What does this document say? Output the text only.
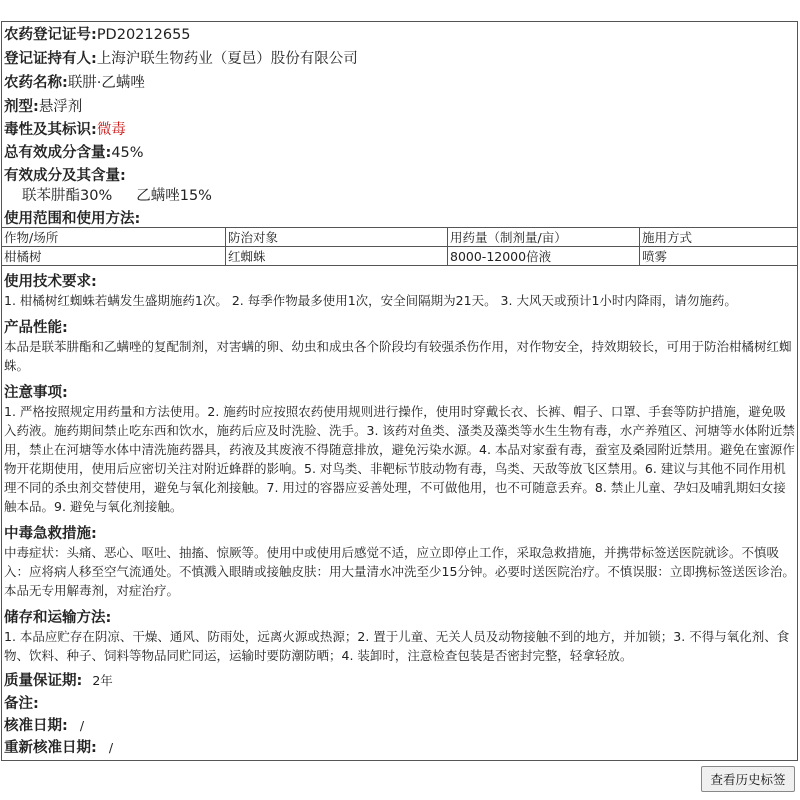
农药登记证号: PD20212655
登记证持有人: 上海沪联生物药业（夏邑）股份有限公司
农药名称: 联肼·乙螨唑
剂型: 悬浮剂
毒性及其标识: 微毒
总有效成分含量: 45%
有效成分及其含量:
联苯肼酯30% 乙螨唑15%
使用范围和使用方法:
作物/场所	防治对象	用药量（制剂量/亩）	施用方式
柑橘树	红蜘蛛	8000-12000倍液	喷雾
使用技术要求:
1. 柑橘树红蜘蛛若螨发生盛期施药1次。 2. 每季作物最多使用1次，安全间隔期为21天。 3. 大风天或预计1小时内降雨，请勿施药。
产品性能:
本品是联苯肼酯和乙螨唑的复配制剂，对害螨的卵、幼虫和成虫各个阶段均有较强杀伤作用，对作物安全，持效期较长，可用于防治柑橘树红蜘蛛。
注意事项:
1. 严格按照规定用药量和方法使用。2. 施药时应按照农药使用规则进行操作，使用时穿戴长衣、长裤、帽子、口罩、手套等防护措施，避免吸入药液。施药期间禁止吃东西和饮水，施药后应及时洗脸、洗手。3. 该药对鱼类、溞类及藻类等水生生物有毒，水产养殖区、河塘等水体附近禁用，禁止在河塘等水体中清洗施药器具，药液及其废液不得随意排放，避免污染水源。4. 本品对家蚕有毒，蚕室及桑园附近禁用。避免在蜜源作物开花期使用，使用后应密切关注对附近蜂群的影响。5. 对鸟类、非靶标节肢动物有毒，鸟类、天敌等放飞区禁用。6. 建议与其他不同作用机理不同的杀虫剂交替使用，避免与氧化剂接触。7. 用过的容器应妥善处理，不可做他用，也不可随意丢弃。8. 禁止儿童、孕妇及哺乳期妇女接触本品。9. 避免与氧化剂接触。
中毒急救措施:
中毒症状：头痛、恶心、呕吐、抽搐、惊厥等。使用中或使用后感觉不适，应立即停止工作，采取急救措施，并携带标签送医院就诊。不慎吸入：应将病人移至空气流通处。不慎溅入眼睛或接触皮肤：用大量清水冲洗至少15分钟。必要时送医院治疗。不慎误服：立即携标签送医诊治。本品无专用解毒剂，对症治疗。
储存和运输方法:
1. 本品应贮存在阴凉、干燥、通风、防雨处，远离火源或热源；2. 置于儿童、无关人员及动物接触不到的地方，并加锁；3. 不得与氧化剂、食物、饮料、种子、饲料等物品同贮同运，运输时要防潮防晒；4. 装卸时，注意检查包装是否密封完整，轻拿轻放。
质量保证期: 2年
备注:
核准日期: /
重新核准日期: /
查看历史标签
